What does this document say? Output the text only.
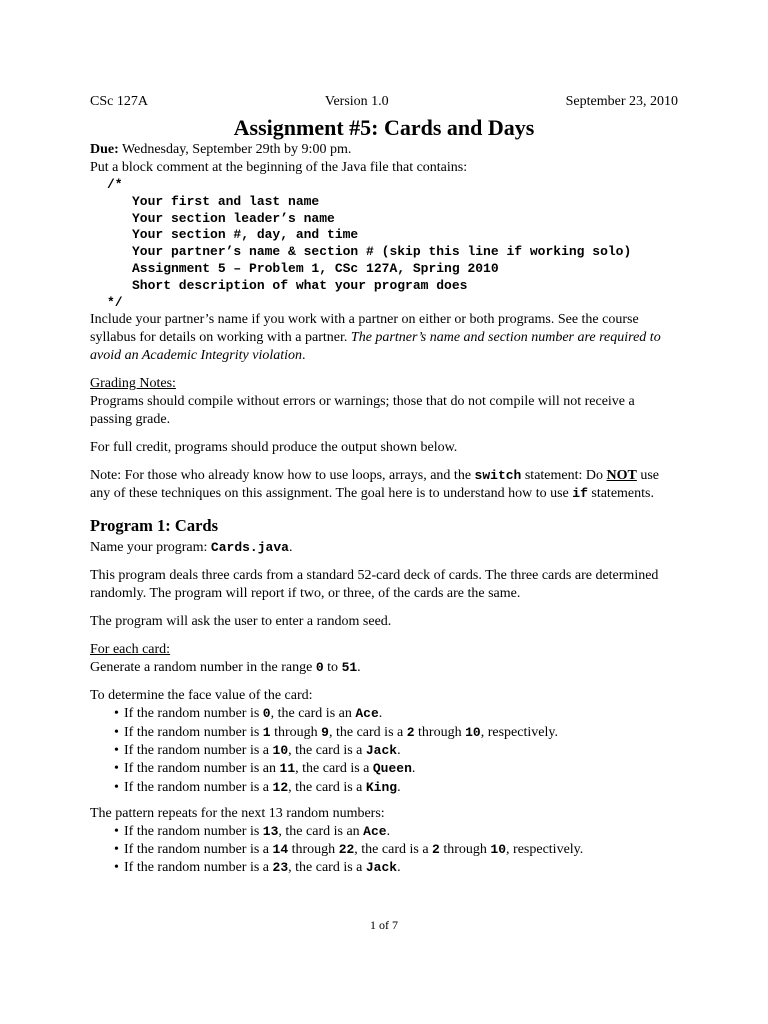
CSc 127A	Version 1.0	September 23, 2010
Assignment #5: Cards and Days

Due: Wednesday, September 29th by 9:00 pm.

Put a block comment at the beginning of the Java file that contains:

/*
Your first and last name
Your section leader’s name
Your section #, day, and time
Your partner’s name & section # (skip this line if working solo)
Assignment 5 – Problem 1, CSc 127A, Spring 2010
Short description of what your program does
*/

Include your partner’s name if you work with a partner on either or both programs. See the course syllabus for details on working with a partner. The partner’s name and section number are required to avoid an Academic Integrity violation.

Grading Notes:

Programs should compile without errors or warnings; those that do not compile will not receive a passing grade.

For full credit, programs should produce the output shown below.

Note: For those who already know how to use loops, arrays, and the switch statement: Do NOT use any of these techniques on this assignment. The goal here is to understand how to use if statements.

Program 1: Cards

Name your program: Cards.java.

This program deals three cards from a standard 52-card deck of cards. The three cards are determined randomly. The program will report if two, or three, of the cards are the same.

The program will ask the user to enter a random seed.

For each card:

Generate a random number in the range 0 to 51.

To determine the face value of the card:

• If the random number is 0, the card is an Ace.
• If the random number is 1 through 9, the card is a 2 through 10, respectively.
• If the random number is a 10, the card is a Jack.
• If the random number is an 11, the card is a Queen.
• If the random number is a 12, the card is a King.

The pattern repeats for the next 13 random numbers:

• If the random number is 13, the card is an Ace.
• If the random number is a 14 through 22, the card is a 2 through 10, respectively.
• If the random number is a 23, the card is a Jack.
1 of 7
